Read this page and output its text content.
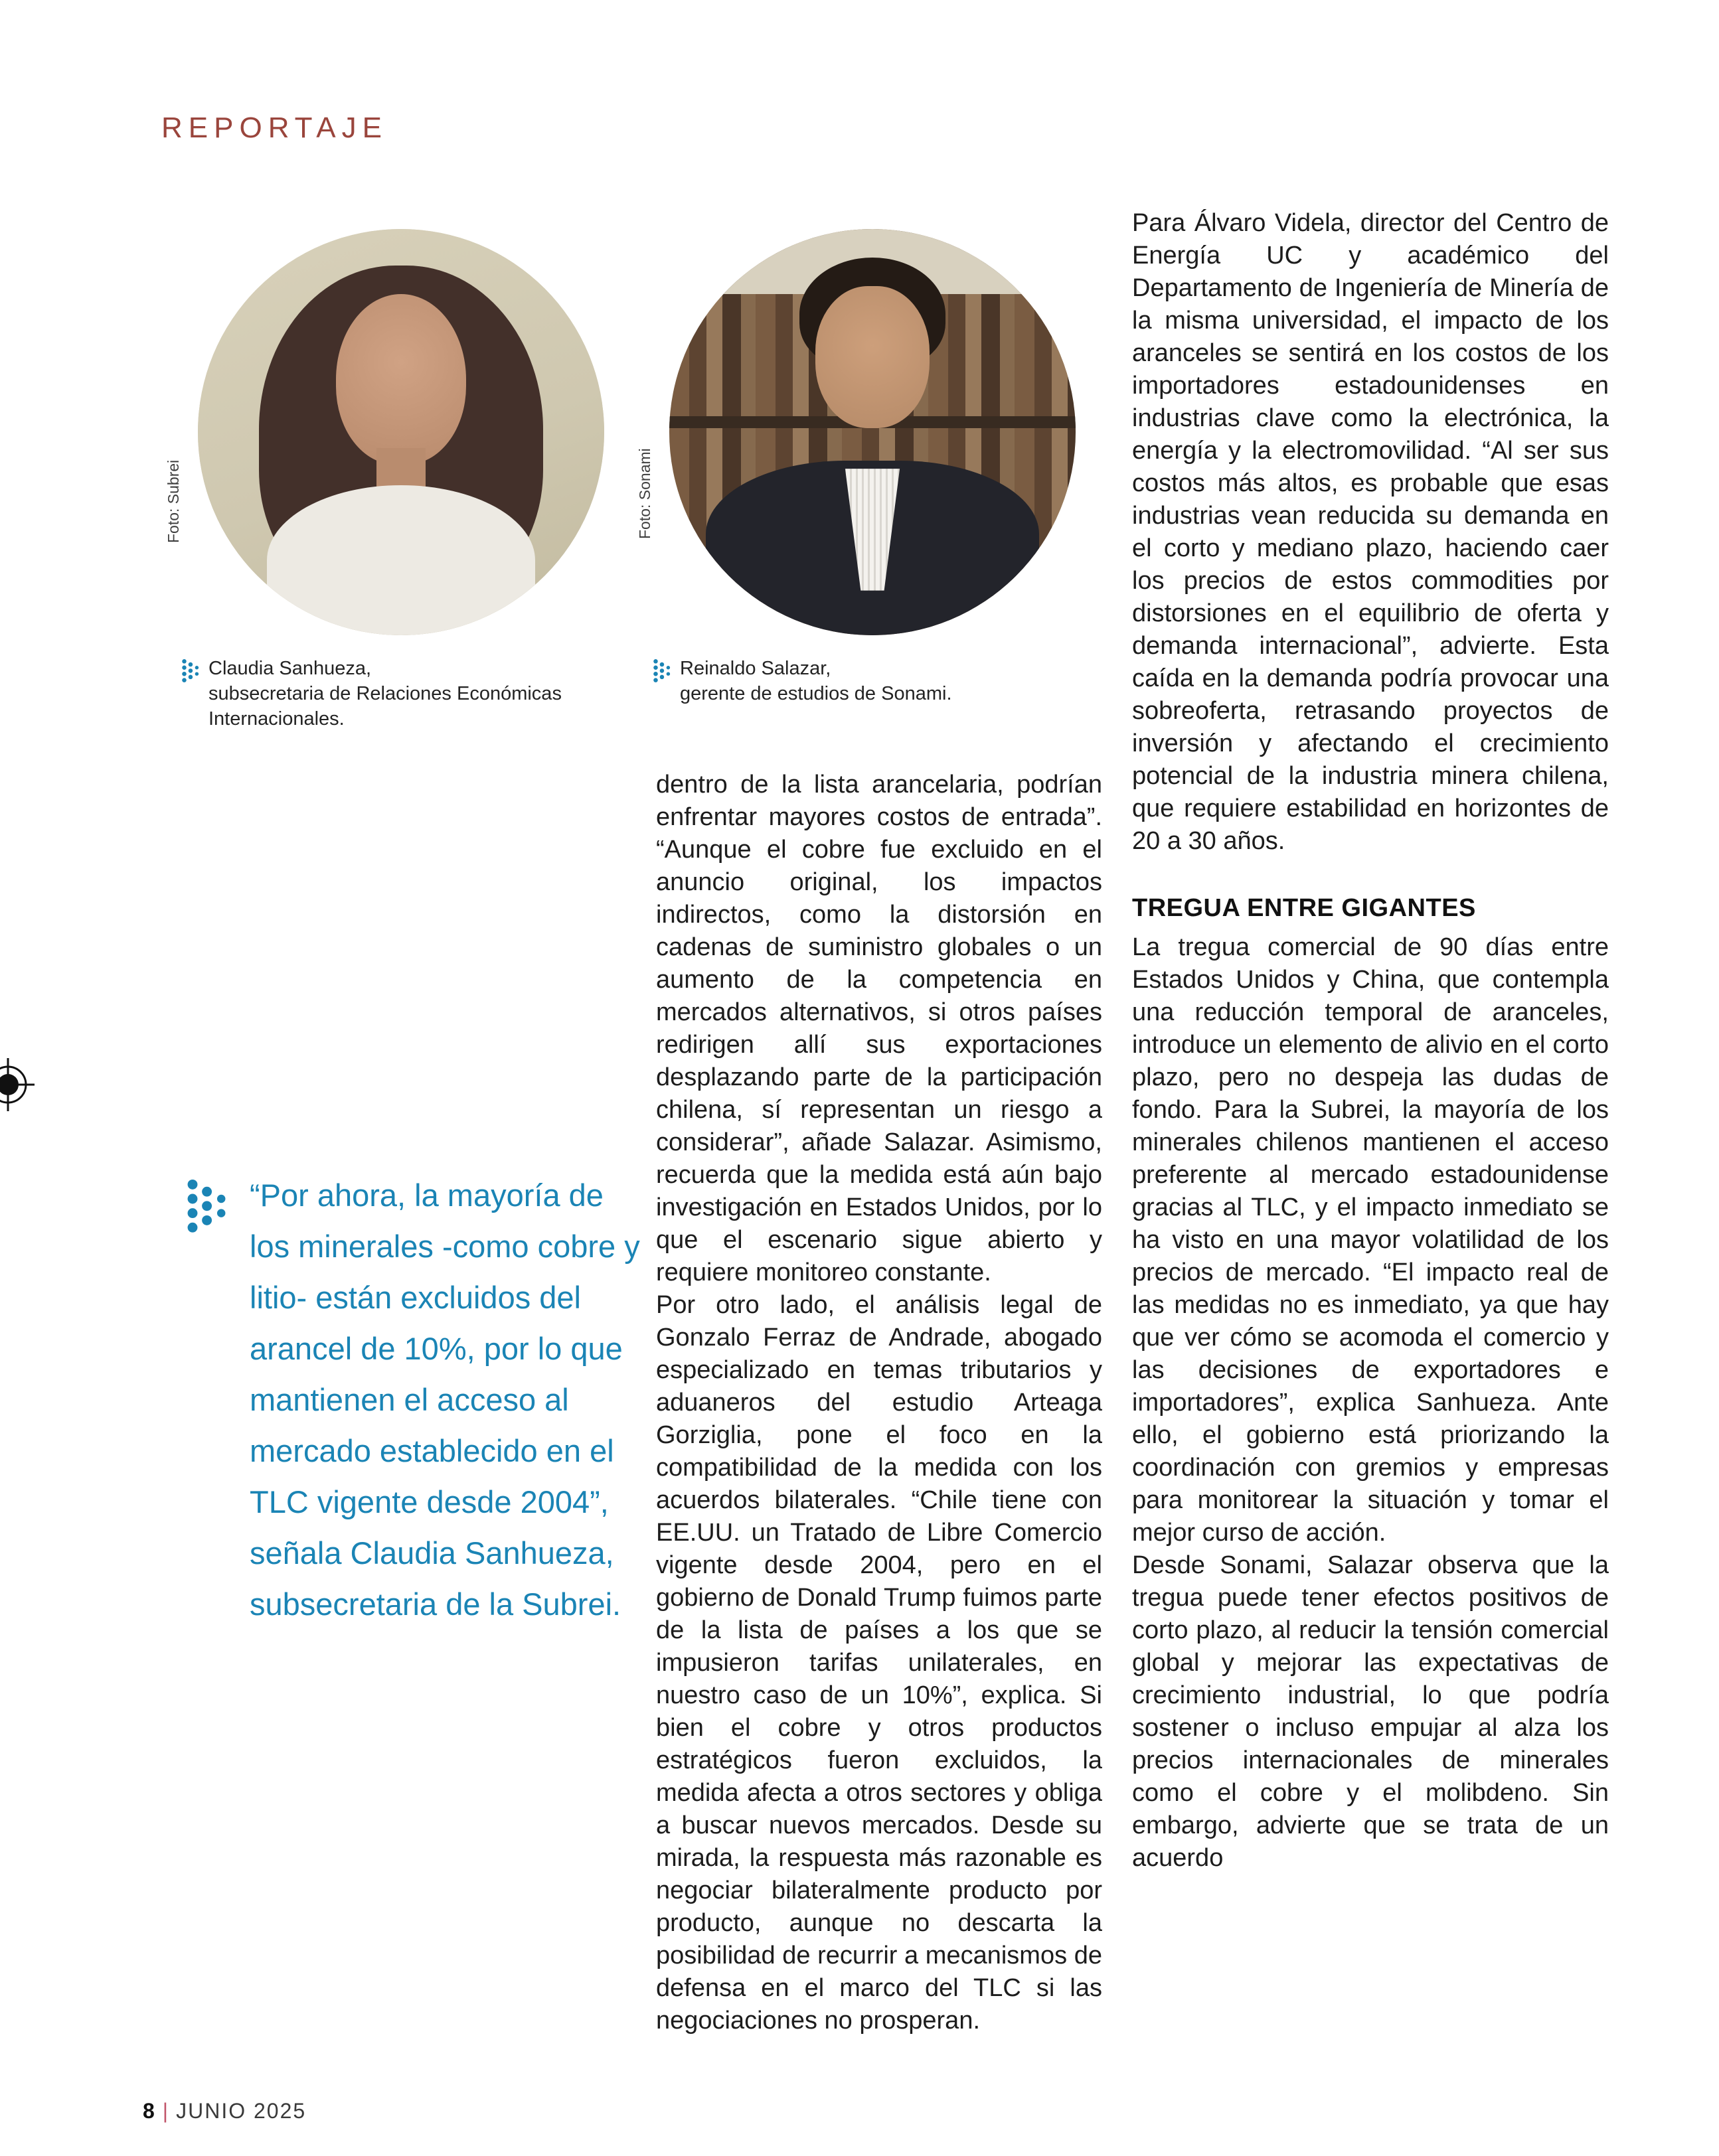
REPORTAJE
Foto: Subrei	Foto: Sonami
Claudia Sanhueza,
subsecretaria de Relaciones Económicas Internacionales.
Reinaldo Salazar,
gerente de estudios de Sonami.
“Por ahora, la mayoría de los minerales -como cobre y litio- están excluidos del arancel de 10%, por lo que mantienen el acceso al mercado establecido en el TLC vigente desde 2004”, señala Claudia Sanhueza, subsecretaria de la Subrei.

dentro de la lista arancelaria, podrían enfrentar mayores costos de entrada”. “Aunque el cobre fue excluido en el anuncio original, los impactos indirectos, como la distorsión en cadenas de suministro globales o un aumento de la competencia en mercados alternativos, si otros países redirigen allí sus exportaciones desplazando parte de la participación chilena, sí representan un riesgo a considerar”, añade Salazar. Asimismo, recuerda que la medida está aún bajo investigación en Estados Unidos, por lo que el escenario sigue abierto y requiere monitoreo constante.

Por otro lado, el análisis legal de Gonzalo Ferraz de Andrade, abogado especializado en temas tributarios y aduaneros del estudio Arteaga Gorziglia, pone el foco en la compatibilidad de la medida con los acuerdos bilaterales. “Chile tiene con EE.UU. un Tratado de Libre Comercio vigente desde 2004, pero en el gobierno de Donald Trump fuimos parte de la lista de países a los que se impusieron tarifas unilaterales, en nuestro caso de un 10%”, explica. Si bien el cobre y otros productos estratégicos fueron excluidos, la medida afecta a otros sectores y obliga a buscar nuevos mercados. Desde su mirada, la respuesta más razonable es negociar bilateralmente producto por producto, aunque no descarta la posibilidad de recurrir a mecanismos de defensa en el marco del TLC si las negociaciones no prosperan.

Para Álvaro Videla, director del Centro de Energía UC y académico del Departamento de Ingeniería de Minería de la misma universidad, el impacto de los aranceles se sentirá en los costos de los importadores estadounidenses en industrias clave como la electrónica, la energía y la electromovilidad. “Al ser sus costos más altos, es probable que esas industrias vean reducida su demanda en el corto y mediano plazo, haciendo caer los precios de estos commodities por distorsiones en el equilibrio de oferta y demanda internacional”, advierte. Esta caída en la demanda podría provocar una sobreoferta, retrasando proyectos de inversión y afectando el crecimiento potencial de la industria minera chilena, que requiere estabilidad en horizontes de 20 a 30 años.

TREGUA ENTRE GIGANTES

La tregua comercial de 90 días entre Estados Unidos y China, que contempla una reducción temporal de aranceles, introduce un elemento de alivio en el corto plazo, pero no despeja las dudas de fondo. Para la Subrei, la mayoría de los minerales chilenos mantienen el acceso preferente al mercado estadounidense gracias al TLC, y el impacto inmediato se ha visto en una mayor volatilidad de los precios de mercado. “El impacto real de las medidas no es inmediato, ya que hay que ver cómo se acomoda el comercio y las decisiones de exportadores e importadores”, explica Sanhueza. Ante ello, el gobierno está priorizando la coordinación con gremios y empresas para monitorear la situación y tomar el mejor curso de acción.

Desde Sonami, Salazar observa que la tregua puede tener efectos positivos de corto plazo, al reducir la tensión comercial global y mejorar las expectativas de crecimiento industrial, lo que podría sostener o incluso empujar al alza los precios internacionales de minerales como el cobre y el molibdeno. Sin embargo, advierte que se trata de un acuerdo

8 | JUNIO 2025
